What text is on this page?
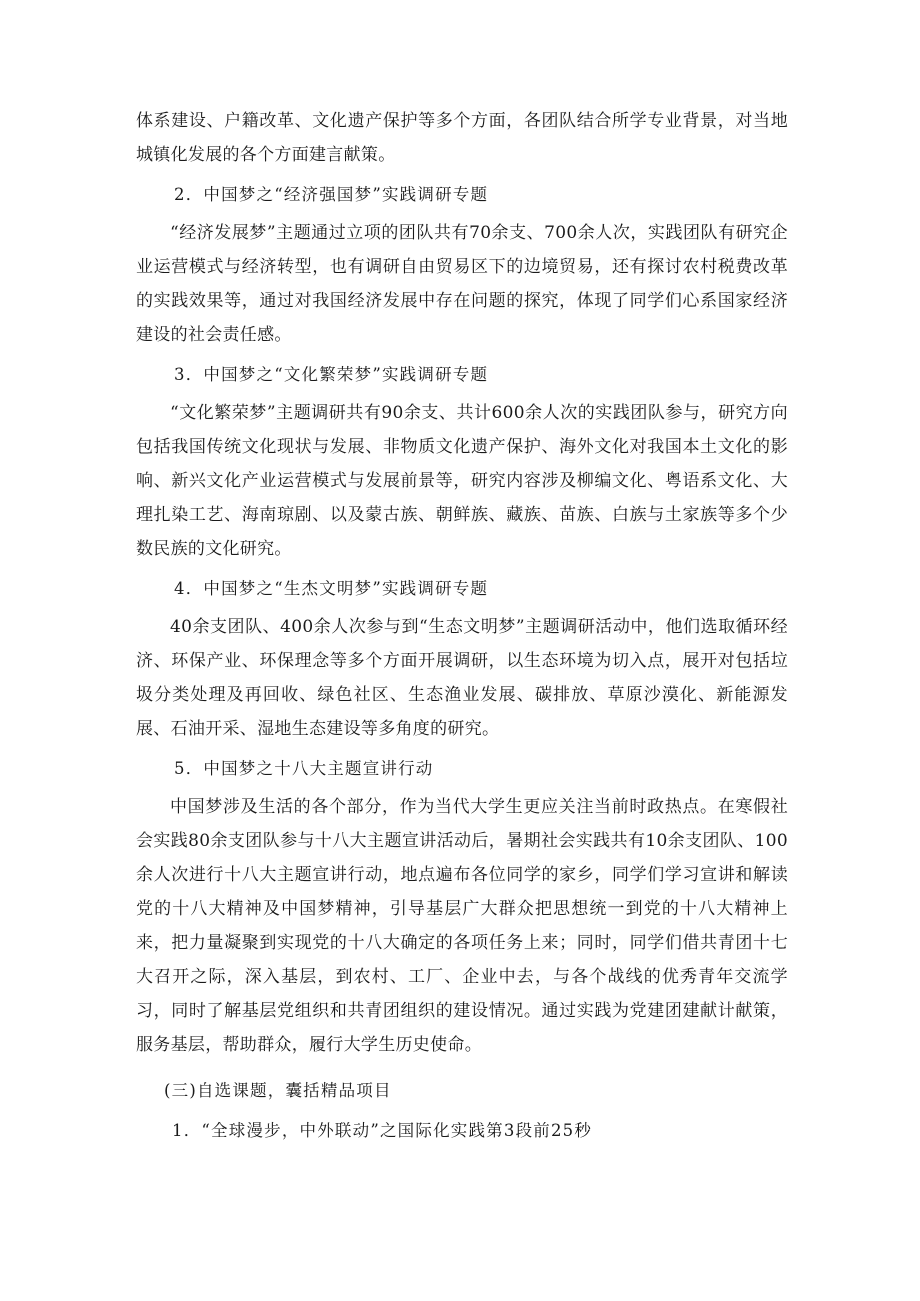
体系建设、户籍改革、文化遗产保护等多个方面，各团队结合所学专业背景，对当地城镇化发展的各个方面建言献策。

2．中国梦之“经济强国梦”实践调研专题

“经济发展梦”主题通过立项的团队共有70余支、700余人次，实践团队有研究企业运营模式与经济转型，也有调研自由贸易区下的边境贸易，还有探讨农村税费改革的实践效果等，通过对我国经济发展中存在问题的探究，体现了同学们心系国家经济建设的社会责任感。

3．中国梦之“文化繁荣梦”实践调研专题

“文化繁荣梦”主题调研共有90余支、共计600余人次的实践团队参与，研究方向包括我国传统文化现状与发展、非物质文化遗产保护、海外文化对我国本土文化的影响、新兴文化产业运营模式与发展前景等，研究内容涉及柳编文化、粤语系文化、大理扎染工艺、海南琼剧、以及蒙古族、朝鲜族、藏族、苗族、白族与土家族等多个少数民族的文化研究。

4．中国梦之“生杰文明梦”实践调研专题

40余支团队、400余人次参与到“生态文明梦”主题调研活动中，他们选取循环经济、环保产业、环保理念等多个方面开展调研，以生态环境为切入点，展开对包括垃圾分类处理及再回收、绿色社区、生态渔业发展、碳排放、草原沙漠化、新能源发展、石油开采、湿地生态建设等多角度的研究。

5．中国梦之十八大主题宣讲行动

中国梦涉及生活的各个部分，作为当代大学生更应关注当前时政热点。在寒假社会实践80余支团队参与十八大主题宣讲活动后，暑期社会实践共有10余支团队、100余人次进行十八大主题宣讲行动，地点遍布各位同学的家乡，同学们学习宣讲和解读党的十八大精神及中国梦精神，引导基层广大群众把思想统一到党的十八大精神上来，把力量凝聚到实现党的十八大确定的各项任务上来；同时，同学们借共青团十七大召开之际，深入基层，到农村、工厂、企业中去，与各个战线的优秀青年交流学习，同时了解基层党组织和共青团组织的建设情况。通过实践为党建团建献计献策，服务基层，帮助群众，履行大学生历史使命。

(三)自选课题，囊括精品项目
1．“全球漫步，中外联动”之国际化实践第3段前25秒
